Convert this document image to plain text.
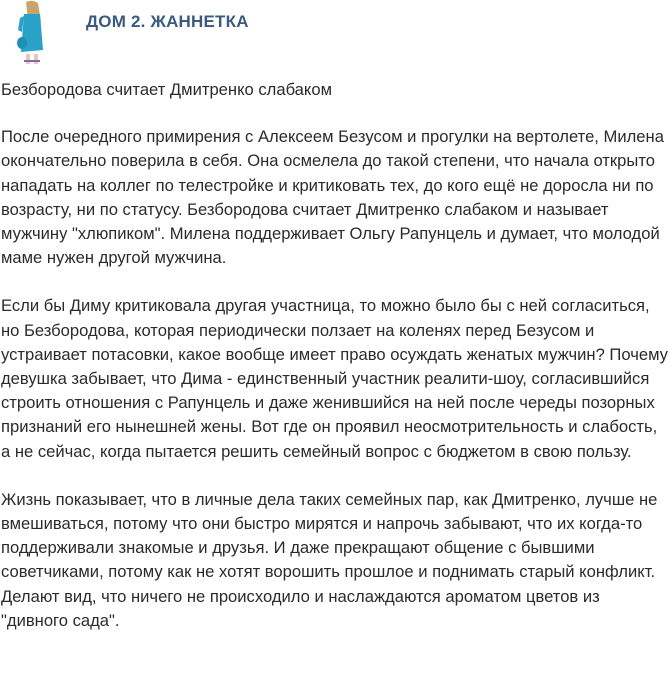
ДОМ 2. ЖАННЕТКА

Безбородова считает Дмитренко слабаком

После очередного примирения с Алексеем Безусом и прогулки на вертолете, Милена окончательно поверила в себя. Она осмелела до такой степени, что начала открыто нападать на коллег по телестройке и критиковать тех, до кого ещё не доросла ни по возрасту, ни по статусу. Безбородова считает Дмитренко слабаком и называет мужчину "хлюпиком". Милена поддерживает Ольгу Рапунцель и думает, что молодой маме нужен другой мужчина.

Если бы Диму критиковала другая участница, то можно было бы с ней согласиться, но Безбородова, которая периодически ползает на коленях перед Безусом и устраивает потасовки, какое вообще имеет право осуждать женатых мужчин? Почему девушка забывает, что Дима - единственный участник реалити-шоу, согласившийся строить отношения с Рапунцель и даже женившийся на ней после череды позорных признаний его нынешней жены. Вот где он проявил неосмотрительность и слабость, а не сейчас, когда пытается решить семейный вопрос с бюджетом в свою пользу.

Жизнь показывает, что в личные дела таких семейных пар, как Дмитренко, лучше не вмешиваться, потому что они быстро мирятся и напрочь забывают, что их когда-то поддерживали знакомые и друзья. И даже прекращают общение с бывшими советчиками, потому как не хотят ворошить прошлое и поднимать старый конфликт. Делают вид, что ничего не происходило и наслаждаются ароматом цветов из "дивного сада".
